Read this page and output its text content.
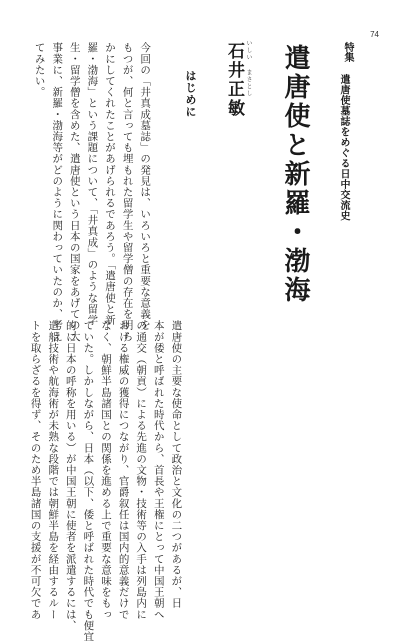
74
特集
遣唐使墓誌をめぐる日中交流史
遣唐使と新羅・渤海
いしい まさとし
石井正敏
はじめに
今回の「井真成墓誌」の発見は、いろいろと重要な意義を
もつが、何と言っても埋もれた留学生や留学僧の存在を明ら
かにしてくれたことがあげられるであろう。「遣唐使と新
羅・渤海」という課題について、「井真成」のような留学
生・留学僧を含めた、遣唐使という日本の国家をあげての大
事業に、新羅・渤海等がどのように関わっていたのか、考え
てみたい。
遣唐使の主要な使命として政治と文化の二つがあるが、日
本が倭と呼ばれた時代から、首長や王権にとって中国王朝へ
の通交（朝貢）による先進の文物・技術等の入手は列島内に
おける権威の獲得につながり、官爵叙任は国内的意義だけで
なく、朝鮮半島諸国との関係を進める上で重要な意味をもっ
ていた。しかしながら、日本（以下、倭と呼ばれた時代でも便宜
的に日本の呼称を用いる）が中国王朝に使者を派遣するには、
造船技術や航海術が未熟な段階では朝鮮半島を経由するルー
トを取らざるを得ず、そのため半島諸国の支援が不可欠であ
